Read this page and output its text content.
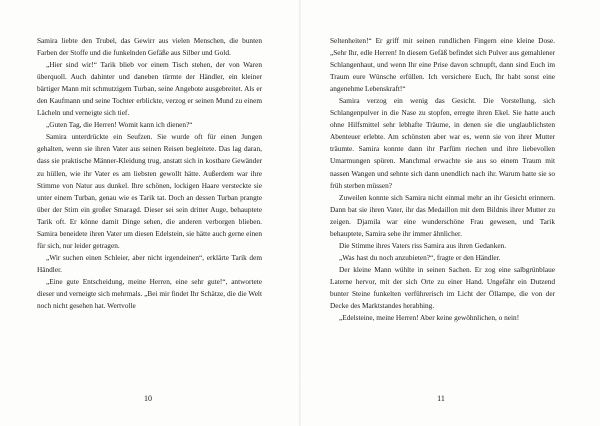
Samira liebte den Trubel, das Gewirr aus vielen Menschen, die bunten Farben der Stoffe und die funkelnden Gefäße aus Silber und Gold.

„Hier sind wir!“ Tarik blieb vor einem Tisch stehen, der von Waren überquoll. Auch dahinter und daneben türmte der Händler, ein kleiner bärtiger Mann mit schmutzigem Turban, seine Angebote ausgebreitet. Als er den Kaufmann und seine Tochter erblickte, verzog er seinen Mund zu einem Lächeln und verneigte sich tief.

„Guten Tag, die Herren! Womit kann ich dienen?“

Samira unterdrückte ein Seufzen. Sie wurde oft für einen Jungen gehalten, wenn sie ihren Vater aus seinen Reisen begleitete. Das lag daran, dass sie praktische Männer-Kleidung trug, anstatt sich in kostbare Gewänder zu hüllen, wie ihr Vater es am liebsten gewollt hätte. Außerdem war ihre Stimme von Natur aus dunkel. Ihre schönen, lockigen Haare versteckte sie unter einem Turban, genau wie es Tarik tat. Doch an dessen Turban prangte über der Stirn ein großer Smaragd. Dieser sei sein dritter Auge, behauptete Tarik oft. Er könne damit Dinge sehen, die anderen verborgen blieben. Samira beneidete ihren Vater um diesen Edelstein, sie hätte auch gerne einen für sich, nur leider getragen.

„Wir suchen einen Schleier, aber nicht irgendeinen“, erklärte Tarik dem Händler.

„Eine gute Entscheidung, meine Herren, eine sehr gute!“, antwortete dieser und verneigte sich mehrmals. „Bei mir findet Ihr Schätze, die die Welt noch nicht gesehen hat. Wertvolle

10

Seltenheiten!“ Er griff mit seinen rundlichen Fingern eine kleine Dose. „Sehr Ihr, edle Herren! In diesem Gefäß befindet sich Pulver aus gemahlener Schlangenhaut, und wenn Ihr eine Prise davon schnupft, dann sind Euch im Traum eure Wünsche erfüllen. Ich versichere Euch, Ihr habt sonst eine angenehme Lebenskraft!“

Samira verzog ein wenig das Gesicht. Die Vorstellung, sich Schlangenpulver in die Nase zu stopfen, erregte ihren Ekel. Sie hatte auch ohne Hilfsmittel sehr lebhafte Träume, in denen sie die unglaublichsten Abenteuer erlebte. Am schönsten aber war es, wenn sie von ihrer Mutter träumte. Samira konnte dann ihr Parfüm riechen und ihre liebevollen Umarmungen spüren. Manchmal erwachte sie aus so einem Traum mit nassen Wangen und sehnte sich dann unendlich nach ihr. Warum hatte sie so früh sterben müssen?

Zuweilen konnte sich Samira nicht einmal mehr an ihr Gesicht erinnern. Dann bat sie ihren Vater, ihr das Medaillon mit dem Bildnis ihrer Mutter zu zeigen. Djamila war eine wunderschöne Frau gewesen, und Tarik behauptete, Samira sehe ihr immer ähnlicher.

Die Stimme ihres Vaters riss Samira aus ihren Gedanken.

„Was hast du noch anzubieten?“, fragte er den Händler.

Der kleine Mann wühlte in seinen Sachen. Er zog eine salbgrünblaue Laterne hervor, mit der sich Orte zu einer Hand. Ungefähr ein Dutzend bunter Steine funkelten verführerisch im Licht der Öllampe, die von der Decke des Marktstandes herabhing.

„Edelsteine, meine Herren! Aber keine gewöhnlichen, o nein!

11
